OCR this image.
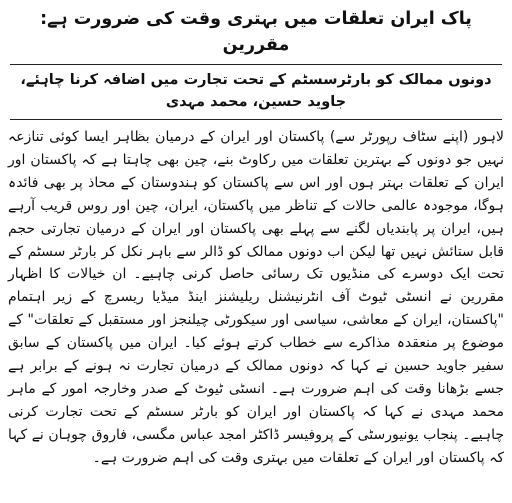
پاک ایران تعلقات میں بہتری وقت کی ضرورت ہے: مقررین
دونوں ممالک کو بارٹرسسٹم کے تحت تجارت میں اضافہ کرنا چاہئے، جاوید حسین، محمد مہدی

لاہور (اپنے سٹاف رپورٹر سے) پاکستان اور ایران کے درمیان بظاہر ایسا کوئی تنازعہ نہیں جو دونوں کے بہترین تعلقات میں رکاوٹ بنے، چین بھی چاہتا ہے کہ پاکستان اور ایران کے تعلقات بہتر ہوں اور اس سے پاکستان کو ہندوستان کے محاذ پر بھی فائدہ ہوگا، موجودہ عالمی حالات کے تناظر میں پاکستان، ایران، چین اور روس قریب آرہے ہیں، ایران پر پابندیاں لگنے سے پہلے بھی پاکستان اور ایران کے درمیان تجارتی حجم قابل ستائش نہیں تھا لیکن اب دونوں ممالک کو ڈالر سے باہر نکل کر بارٹر سسٹم کے تحت ایک دوسرے کی منڈیوں تک رسائی حاصل کرنی چاہیے۔ ان خیالات کا اظہار مقررین نے انسٹی ٹیوٹ آف انٹرنیشنل ریلیشنز اینڈ میڈیا ریسرچ کے زیر اہتمام "پاکستان، ایران کے معاشی، سیاسی اور سیکورٹی چیلنجز اور مستقبل کے تعلقات" کے موضوع پر منعقدہ مذاکرے سے خطاب کرتے ہوئے کیا۔ ایران میں پاکستان کے سابق سفیر جاوید حسین نے کہا کہ دونوں ممالک کے درمیان تجارت نہ ہونے کے برابر ہے جسے بڑھانا وقت کی اہم ضرورت ہے۔ انسٹی ٹیوٹ کے صدر وخارجہ امور کے ماہر محمد مہدی نے کہا کہ پاکستان اور ایران کو بارٹر سسٹم کے تحت تجارت کرنی چاہیے۔ پنجاب یونیورسٹی کے پروفیسر ڈاکٹر امجد عباس مگسی، فاروق چوہان نے کہا کہ پاکستان اور ایران کے تعلقات میں بہتری وقت کی اہم ضرورت ہے۔
